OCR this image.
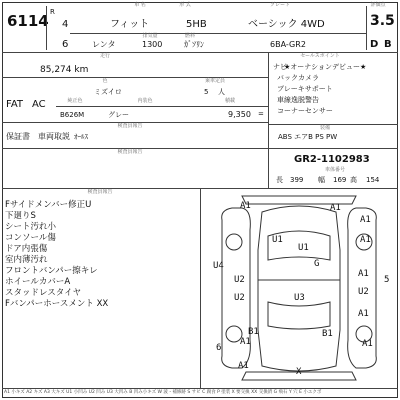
車 名	形 式	グレード	評価点
6114 R
4
6
フィット	5HB	ベーシック 4WD	3.5
排気量	燃料
レンタ	1300	ｶﾞｿﾘﾝ	6BA-GR2	D B
走行	セールスポイント
85,274 km
色	乗車定員
ミズイロ	5 人
FAT AC	純正色	内装色	積載
B626M	グレー	9,350 =
検査員報告
保証書 車両取説 ｵｰﾙｽ
ナビ
★オーナションデビュー★
バックカメラ
ブレーキサポート
車線逸脱警告
コーナーセンサー
装備
ABS エアB PS PW
検査員報告
GR2-1102983
車体番号
長 399 幅 169 高 154
検査員報告
Fサイドメンバー修正U
下廻りS
シート汚れ小
コンソール傷
ドア内張傷
室内薄汚れ
フロントバンパー擦キレ
ホイールカバーA
スタッドレスタイヤ
Fバンパーホースメント XX
A1	A1
U1
U1
A1
A1
G
U4
U2
A1
U2
5
U2	U3
A1
B1	B1
6
A1	A1
X
A1
A1 小キズ A2 キズ A3 大キズ U1 小凹み U2 凹み U3 大凹み B 凹み小キズ W 波・補修跡 S サビ C 腐食 P 塗装 X 要交換 XX 交換済 G 飛石 Y 穴 E 小エクボ
